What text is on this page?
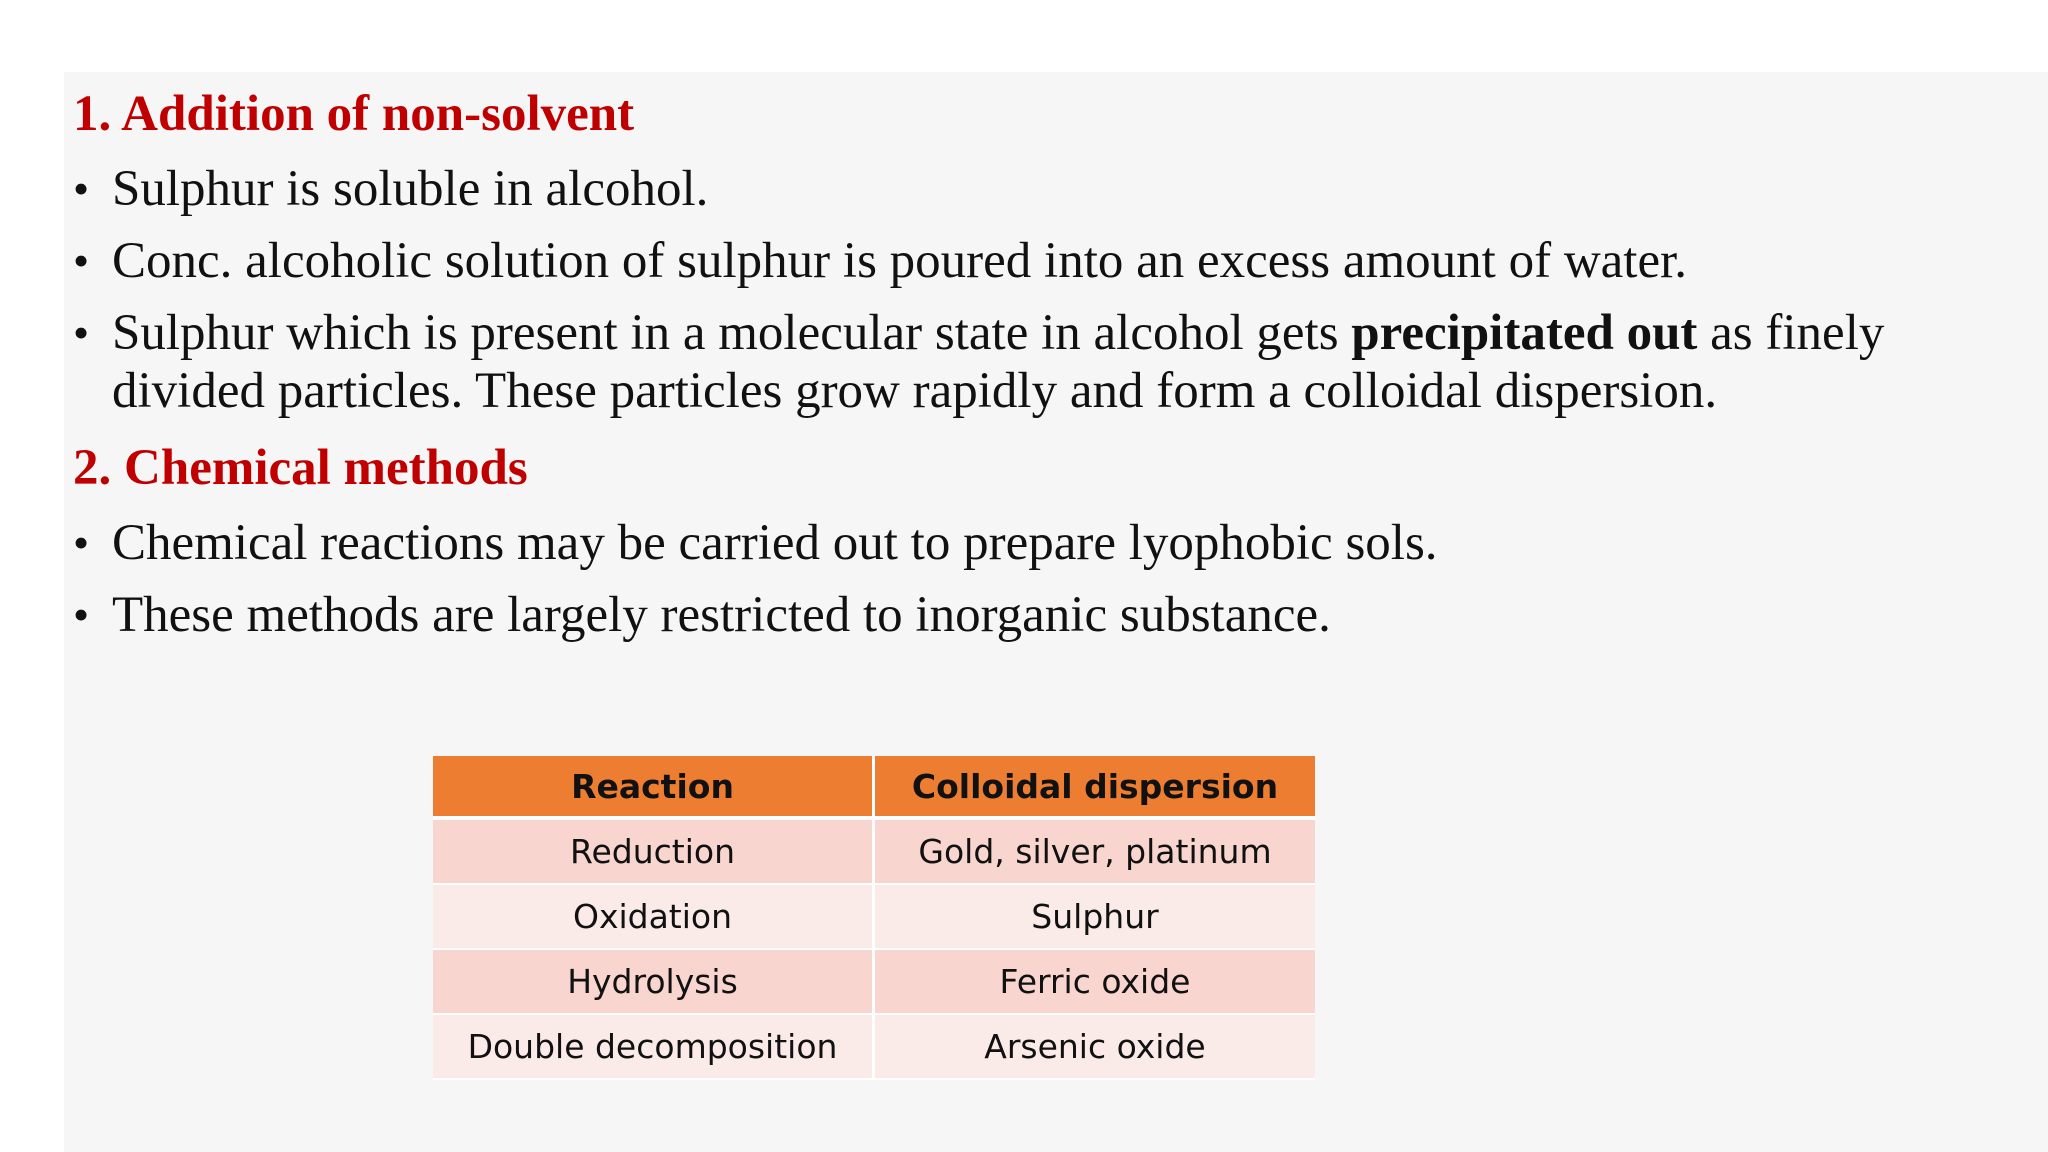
1. Addition of non-solvent
• Sulphur is soluble in alcohol.
• Conc. alcoholic solution of sulphur is poured into an excess amount of water.
• Sulphur which is present in a molecular state in alcohol gets precipitated out as finely divided particles. These particles grow rapidly and form a colloidal dispersion.
2. Chemical methods
• Chemical reactions may be carried out to prepare lyophobic sols.
• These methods are largely restricted to inorganic substance.
Reaction	Colloidal dispersion
Reduction	Gold, silver, platinum
Oxidation	Sulphur
Hydrolysis	Ferric oxide
Double decomposition	Arsenic oxide
